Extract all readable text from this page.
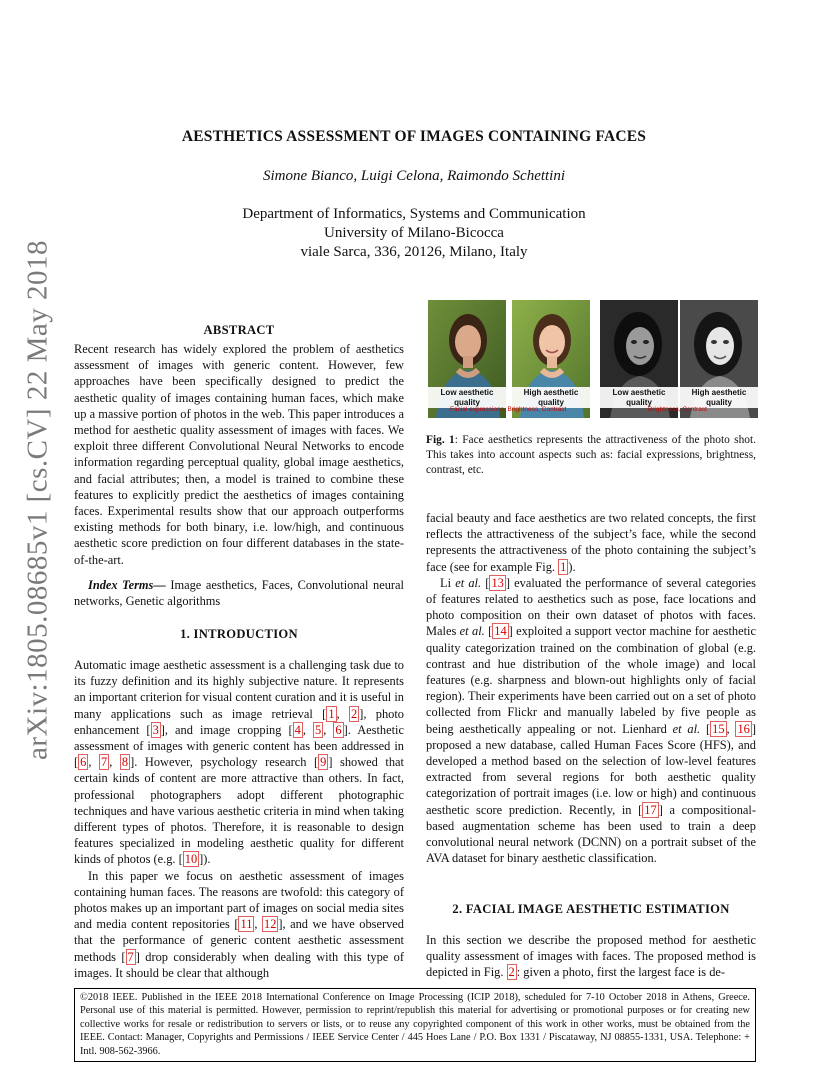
arXiv:1805.08685v1 [cs.CV] 22 May 2018
AESTHETICS ASSESSMENT OF IMAGES CONTAINING FACES
Simone Bianco, Luigi Celona, Raimondo Schettini
Department of Informatics, Systems and Communication
University of Milano-Bicocca
viale Sarca, 336, 20126, Milano, Italy
Low aesthetic quality
High aesthetic quality
Facial expressions, Brightness, Contrast
Low aesthetic quality
High aesthetic quality
Brightness, Contrast
Fig. 1: Face aesthetics represents the attractiveness of the photo shot. This takes into account aspects such as: facial expressions, brightness, contrast, etc.
ABSTRACT

Recent research has widely explored the problem of aesthetics assessment of images with generic content. However, few approaches have been specifically designed to predict the aesthetic quality of images containing human faces, which make up a massive portion of photos in the web. This paper introduces a method for aesthetic quality assessment of images with faces. We exploit three different Convolutional Neural Networks to encode information regarding perceptual quality, global image aesthetics, and facial attributes; then, a model is trained to combine these features to explicitly predict the aesthetics of images containing faces. Experimental results show that our approach outperforms existing methods for both binary, i.e. low/high, and continuous aesthetic score prediction on four different databases in the state-of-the-art.

Index Terms— Image aesthetics, Faces, Convolutional neural networks, Genetic algorithms

1. INTRODUCTION

Automatic image aesthetic assessment is a challenging task due to its fuzzy definition and its highly subjective nature. It represents an important criterion for visual content curation and it is useful in many applications such as image retrieval [ 1 , 2 ], photo enhancement [ 3 ], and image cropping [ 4 , 5 , 6 ]. Aesthetic assessment of images with generic content has been addressed in [ 6 , 7 , 8 ]. However, psychology research [ 9 ] showed that certain kinds of content are more attractive than others. In fact, professional photographers adopt different photographic techniques and have various aesthetic criteria in mind when taking different types of photos. Therefore, it is reasonable to design features specialized in modeling aesthetic quality for different kinds of photos (e.g. [ 10 ]).

In this paper we focus on aesthetic assessment of images containing human faces. The reasons are twofold: this category of photos makes up an important part of images on social media sites and media content repositories [ 11 , 12 ], and we have observed that the performance of generic content aesthetic assessment methods [ 7 ] drop considerably when dealing with this type of images. It should be clear that although

facial beauty and face aesthetics are two related concepts, the first reflects the attractiveness of the subject’s face, while the second represents the attractiveness of the photo containing the subject’s face (see for example Fig. 1 ).

Li et al. [ 13 ] evaluated the performance of several categories of features related to aesthetics such as pose, face locations and photo composition on their own dataset of photos with faces. Males et al. [ 14 ] exploited a support vector machine for aesthetic quality categorization trained on the combination of global (e.g. contrast and hue distribution of the whole image) and local features (e.g. sharpness and blown-out highlights only of facial region). Their experiments have been carried out on a set of photo collected from Flickr and manually labeled by five people as being aesthetically appealing or not. Lienhard et al. [ 15 , 16 ] proposed a new database, called Human Faces Score (HFS), and developed a method based on the selection of low-level features extracted from several regions for both aesthetic quality categorization of portrait images (i.e. low or high) and continuous aesthetic score prediction. Recently, in [ 17 ] a compositional-based augmentation scheme has been used to train a deep convolutional neural network (DCNN) on a portrait subset of the AVA dataset for binary aesthetic classification.

2. FACIAL IMAGE AESTHETIC ESTIMATION

In this section we describe the proposed method for aesthetic quality assessment of images with faces. The proposed method is depicted in Fig. 2 : given a photo, first the largest face is de-

©2018 IEEE. Published in the IEEE 2018 International Conference on Image Processing (ICIP 2018), scheduled for 7-10 October 2018 in Athens, Greece. Personal use of this material is permitted. However, permission to reprint/republish this material for advertising or promotional purposes or for creating new collective works for resale or redistribution to servers or lists, or to reuse any copyrighted component of this work in other works, must be obtained from the IEEE. Contact: Manager, Copyrights and Permissions / IEEE Service Center / 445 Hoes Lane / P.O. Box 1331 / Piscataway, NJ 08855-1331, USA. Telephone: + Intl. 908-562-3966.
